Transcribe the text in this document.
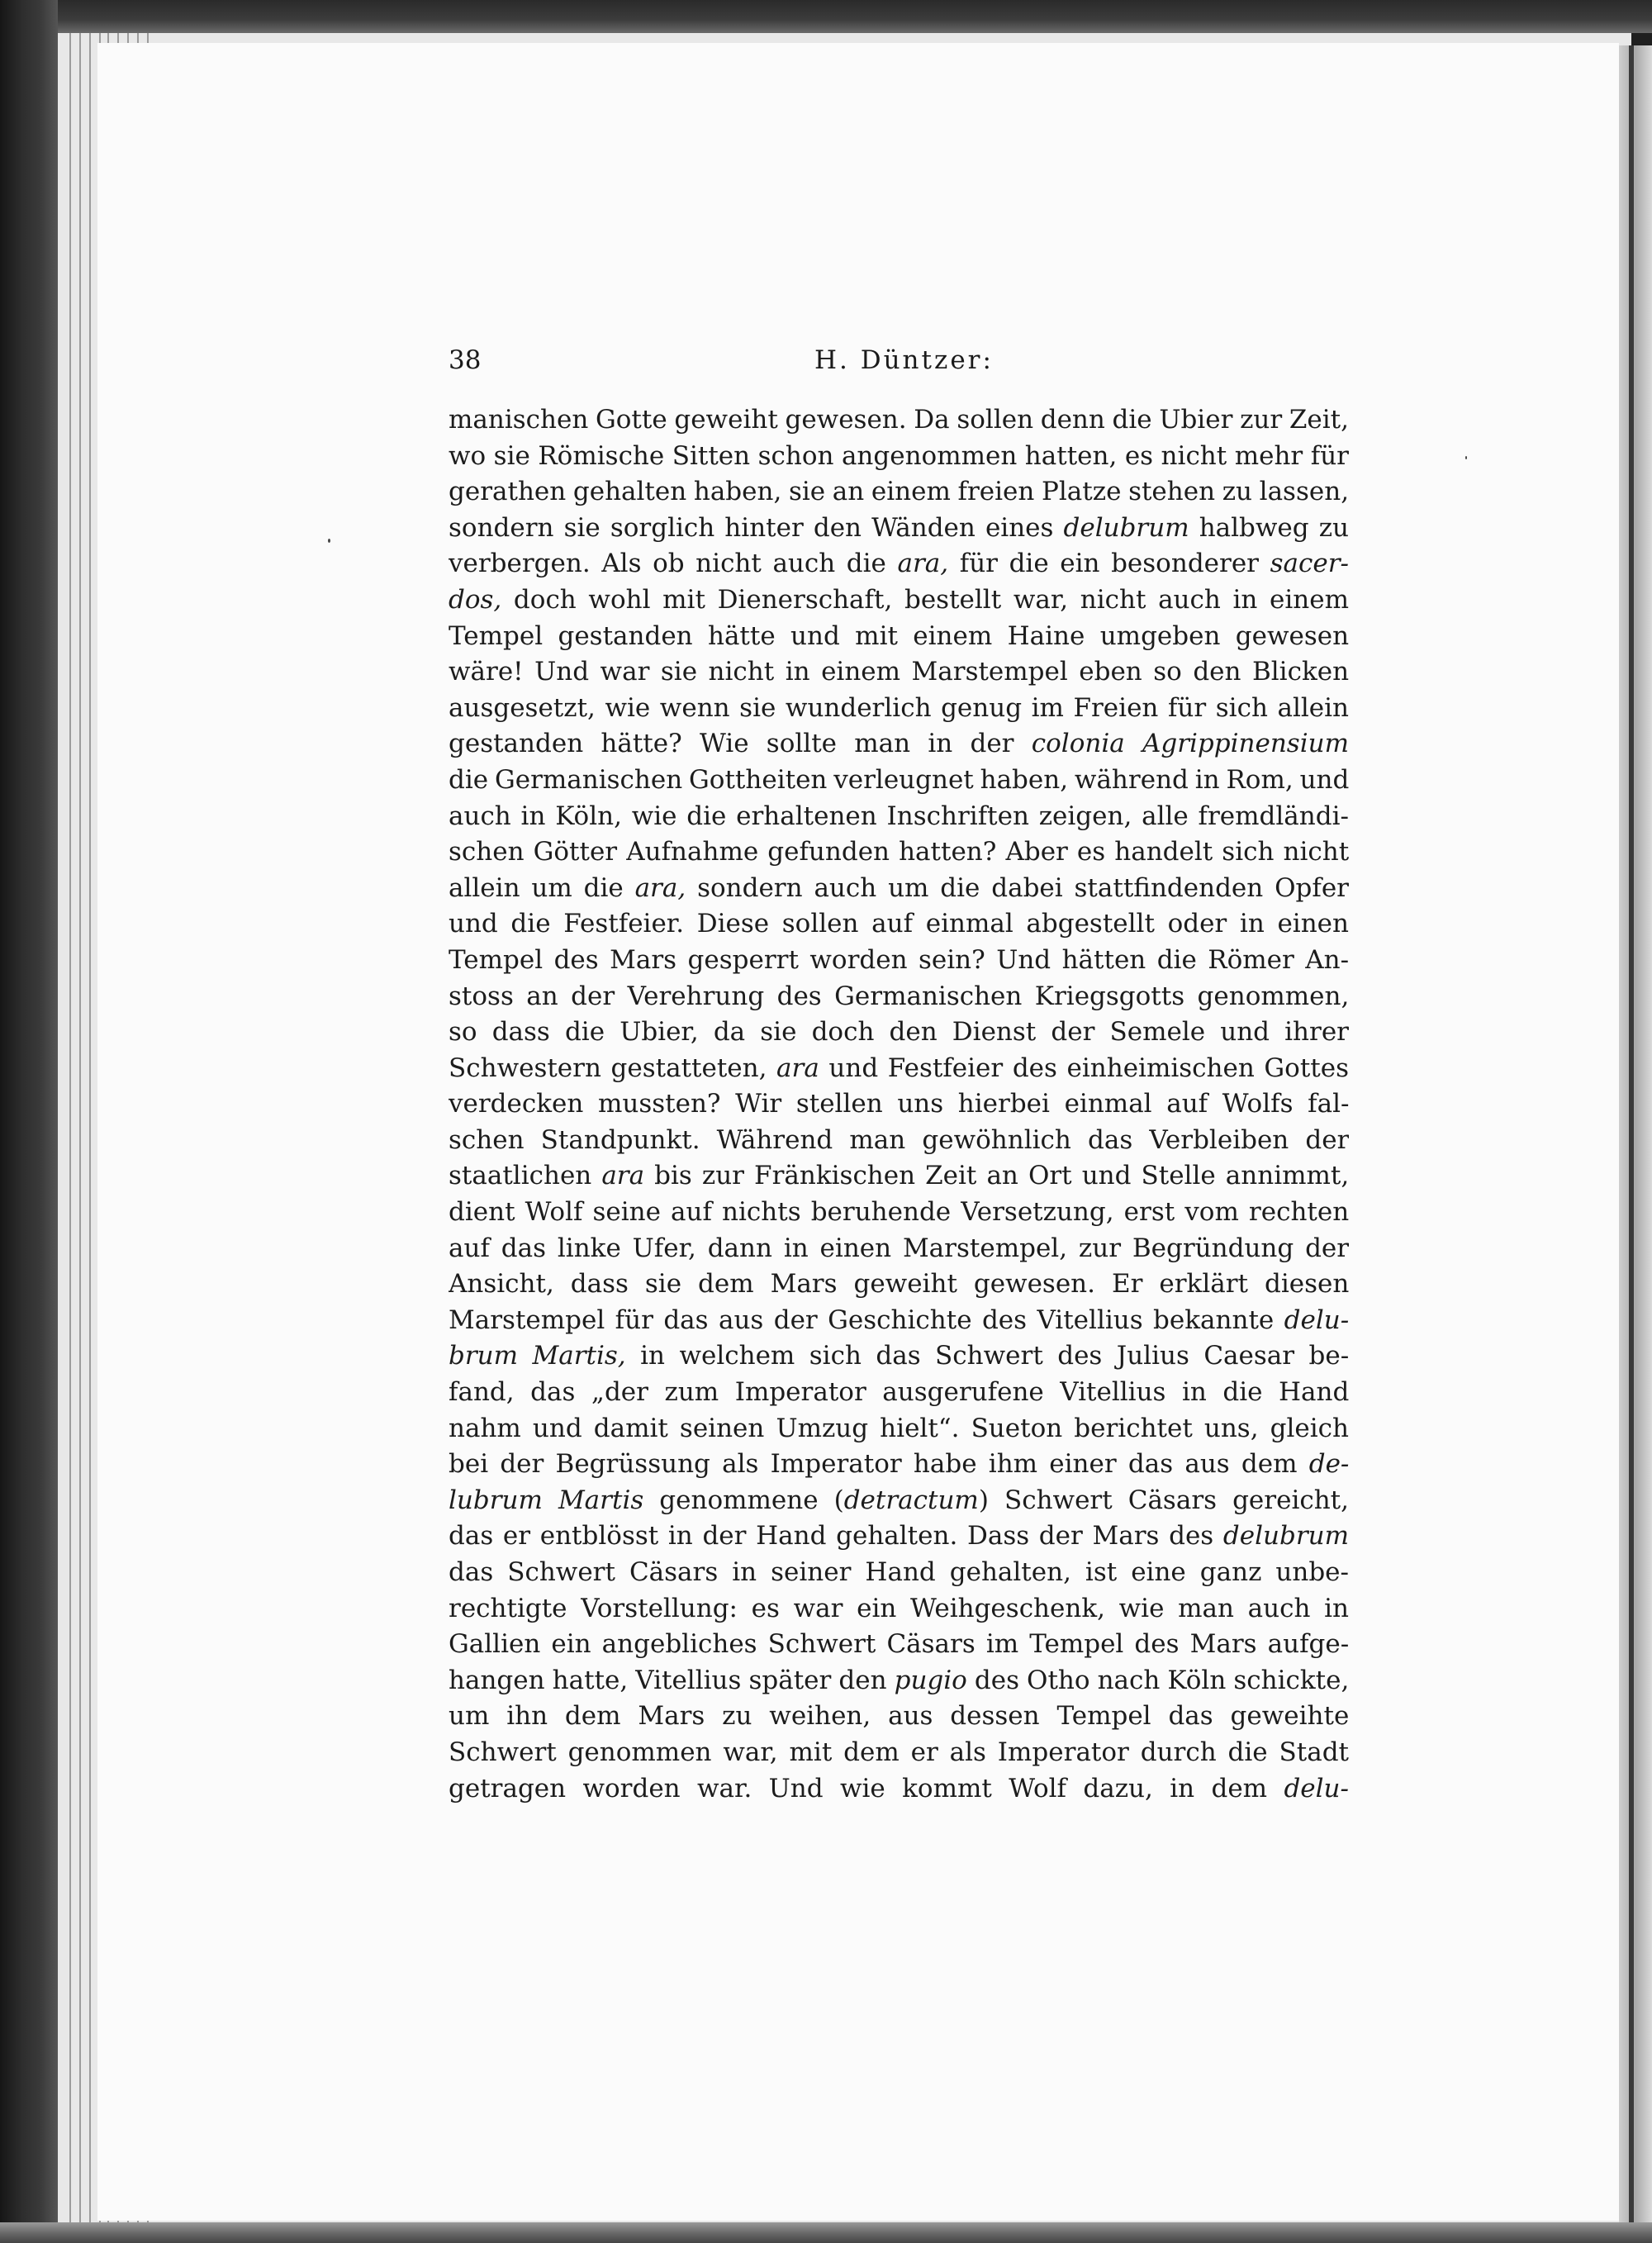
38	H. Düntzer:
manischen Gotte geweiht gewesen. Da sollen denn die Ubier zur Zeit,
wo sie Römische Sitten schon angenommen hatten, es nicht mehr für
gerathen gehalten haben, sie an einem freien Platze stehen zu lassen,
sondern sie sorglich hinter den Wänden eines delubrum halbweg zu
verbergen. Als ob nicht auch die ara, für die ein besonderer sacer-
dos, doch wohl mit Dienerschaft, bestellt war, nicht auch in einem
Tempel gestanden hätte und mit einem Haine umgeben gewesen
wäre! Und war sie nicht in einem Marstempel eben so den Blicken
ausgesetzt, wie wenn sie wunderlich genug im Freien für sich allein
gestanden hätte? Wie sollte man in der colonia Agrippinensium
die Germanischen Gottheiten verleugnet haben, während in Rom, und
auch in Köln, wie die erhaltenen Inschriften zeigen, alle fremdländi-
schen Götter Aufnahme gefunden hatten? Aber es handelt sich nicht
allein um die ara, sondern auch um die dabei stattfindenden Opfer
und die Festfeier. Diese sollen auf einmal abgestellt oder in einen
Tempel des Mars gesperrt worden sein? Und hätten die Römer An-
stoss an der Verehrung des Germanischen Kriegsgotts genommen,
so dass die Ubier, da sie doch den Dienst der Semele und ihrer
Schwestern gestatteten, ara und Festfeier des einheimischen Gottes
verdecken mussten? Wir stellen uns hierbei einmal auf Wolfs fal-
schen Standpunkt. Während man gewöhnlich das Verbleiben der
staatlichen ara bis zur Fränkischen Zeit an Ort und Stelle annimmt,
dient Wolf seine auf nichts beruhende Versetzung, erst vom rechten
auf das linke Ufer, dann in einen Marstempel, zur Begründung der
Ansicht, dass sie dem Mars geweiht gewesen. Er erklärt diesen
Marstempel für das aus der Geschichte des Vitellius bekannte delu-
brum Martis, in welchem sich das Schwert des Julius Caesar be-
fand, das „der zum Imperator ausgerufene Vitellius in die Hand
nahm und damit seinen Umzug hielt“. Sueton berichtet uns, gleich
bei der Begrüssung als Imperator habe ihm einer das aus dem de-
lubrum Martis genommene (detractum) Schwert Cäsars gereicht,
das er entblösst in der Hand gehalten. Dass der Mars des delubrum
das Schwert Cäsars in seiner Hand gehalten, ist eine ganz unbe-
rechtigte Vorstellung: es war ein Weihgeschenk, wie man auch in
Gallien ein angebliches Schwert Cäsars im Tempel des Mars aufge-
hangen hatte, Vitellius später den pugio des Otho nach Köln schickte,
um ihn dem Mars zu weihen, aus dessen Tempel das geweihte
Schwert genommen war, mit dem er als Imperator durch die Stadt
getragen worden war. Und wie kommt Wolf dazu, in dem delu-
